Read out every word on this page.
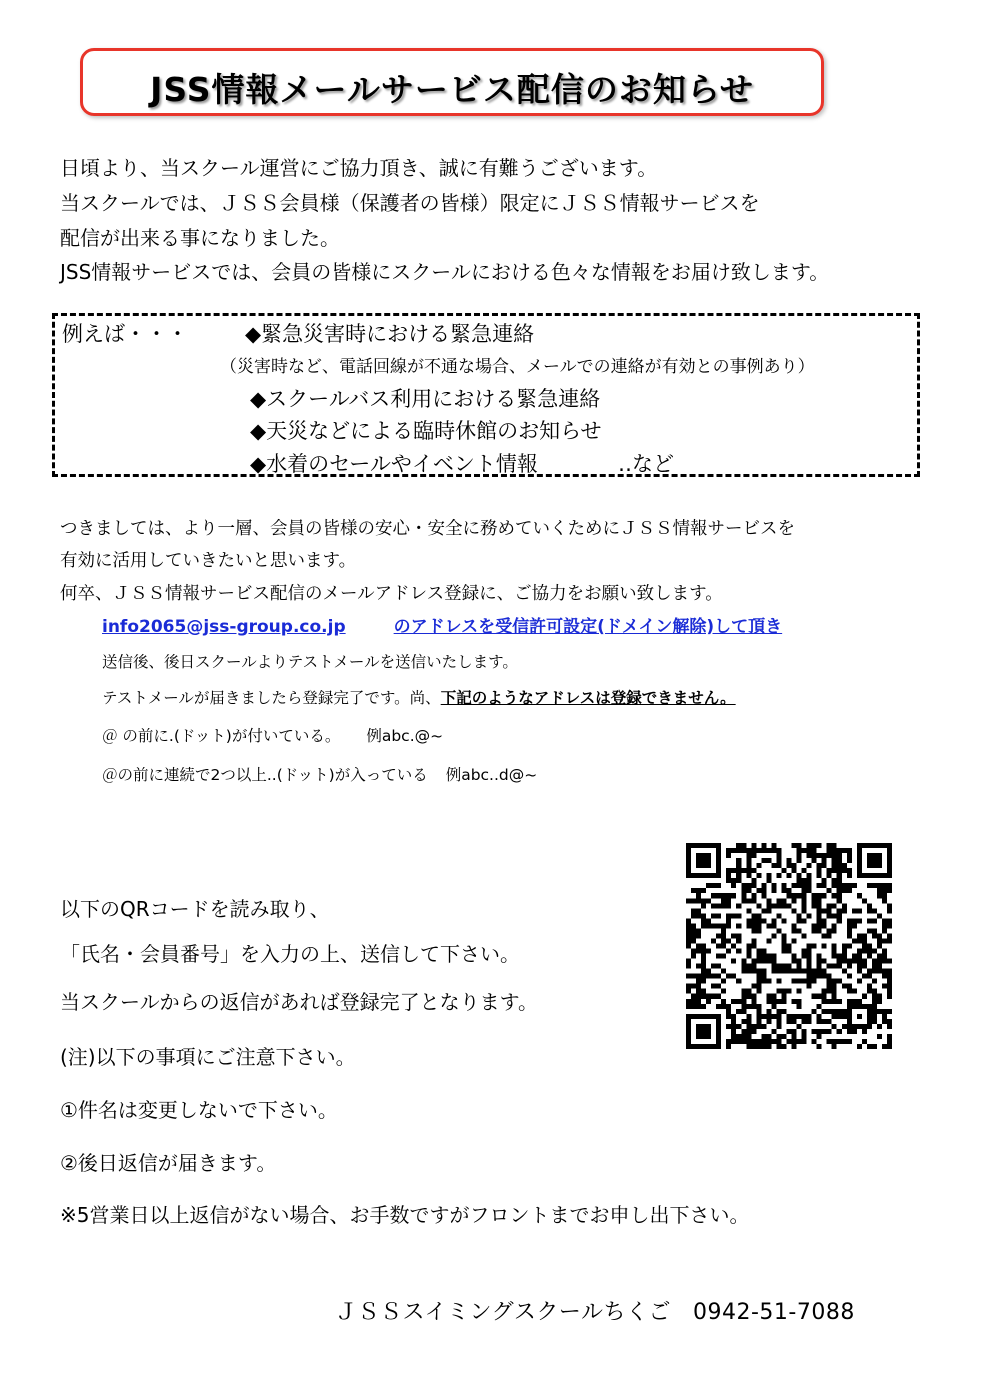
JSS情報メールサービス配信のお知らせ
日頃より、当スクール運営にご協力頂き、誠に有難うございます。
当スクールでは、ＪＳＳ会員様（保護者の皆様）限定にＪＳＳ情報サービスを
配信が出来る事になりました。
JSS情報サービスでは、会員の皆様にスクールにおける色々な情報をお届け致します。
例えば・・・	◆緊急災害時における緊急連絡
（災害時など、電話回線が不通な場合、メールでの連絡が有効との事例あり）
◆スクールバス利用における緊急連絡
◆天災などによる臨時休館のお知らせ
◆水着のセールやイベント情報	‥など
つきましては、より一層、会員の皆様の安心・安全に務めていくためにＪＳＳ情報サービスを
有効に活用していきたいと思います。
何卒、ＪＳＳ情報サービス配信のメールアドレス登録に、ご協力をお願い致します。
info2065@jss-group.co.jp	のアドレスを受信許可設定(ドメイン解除)して頂き
送信後、後日スクールよりテストメールを送信いたします。
テストメールが届きましたら登録完了です。尚、下記のようなアドレスは登録できません。
＠ の前に.(ドット)が付いている。 例abc.@~
＠の前に連続で2つ以上..(ドット)が入っている 例abc..d@~
以下のQRコードを読み取り、
「氏名・会員番号」を入力の上、送信して下さい。
当スクールからの返信があれば登録完了となります。
(注)以下の事項にご注意下さい。
①件名は変更しないで下さい。
②後日返信が届きます。
※5営業日以上返信がない場合、お手数ですがフロントまでお申し出下さい。
ＪＳＳスイミングスクールちくご 0942-51-7088
